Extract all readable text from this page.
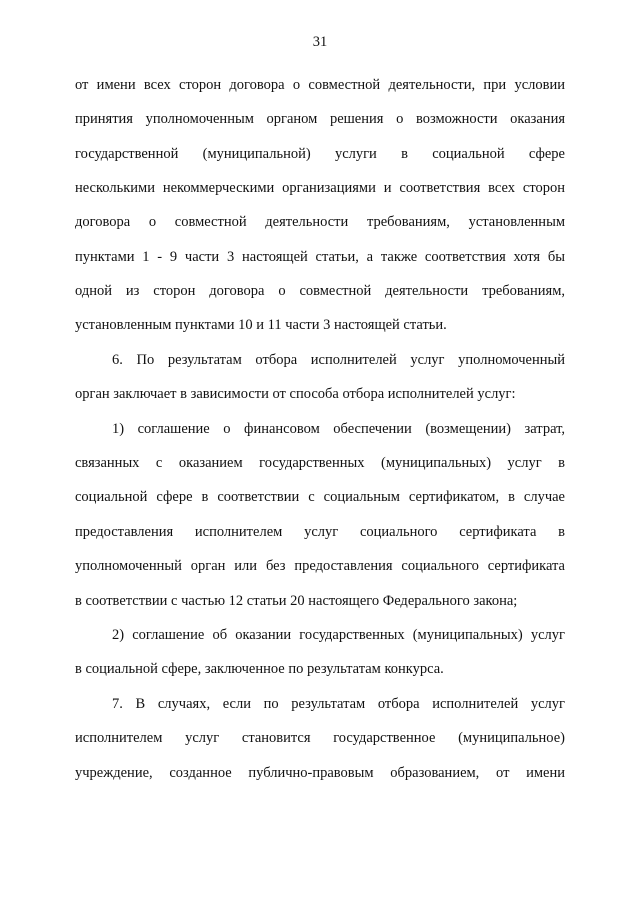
31
от имени всех сторон договора о совместной деятельности, при условии
принятия уполномоченным органом решения о возможности оказания
государственной (муниципальной) услуги в социальной сфере
несколькими некоммерческими организациями и соответствия всех сторон
договора о совместной деятельности требованиям, установленным
пунктами 1 - 9 части 3 настоящей статьи, а также соответствия хотя бы
одной из сторон договора о совместной деятельности требованиям,
установленным пунктами 10 и 11 части 3 настоящей статьи.
6. По результатам отбора исполнителей услуг уполномоченный
орган заключает в зависимости от способа отбора исполнителей услуг:
1) соглашение о финансовом обеспечении (возмещении) затрат,
связанных с оказанием государственных (муниципальных) услуг в
социальной сфере в соответствии с социальным сертификатом, в случае
предоставления исполнителем услуг социального сертификата в
уполномоченный орган или без предоставления социального сертификата
в соответствии с частью 12 статьи 20 настоящего Федерального закона;
2) соглашение об оказании государственных (муниципальных) услуг
в социальной сфере, заключенное по результатам конкурса.
7. В случаях, если по результатам отбора исполнителей услуг
исполнителем услуг становится государственное (муниципальное)
учреждение, созданное публично-правовым образованием, от имени
